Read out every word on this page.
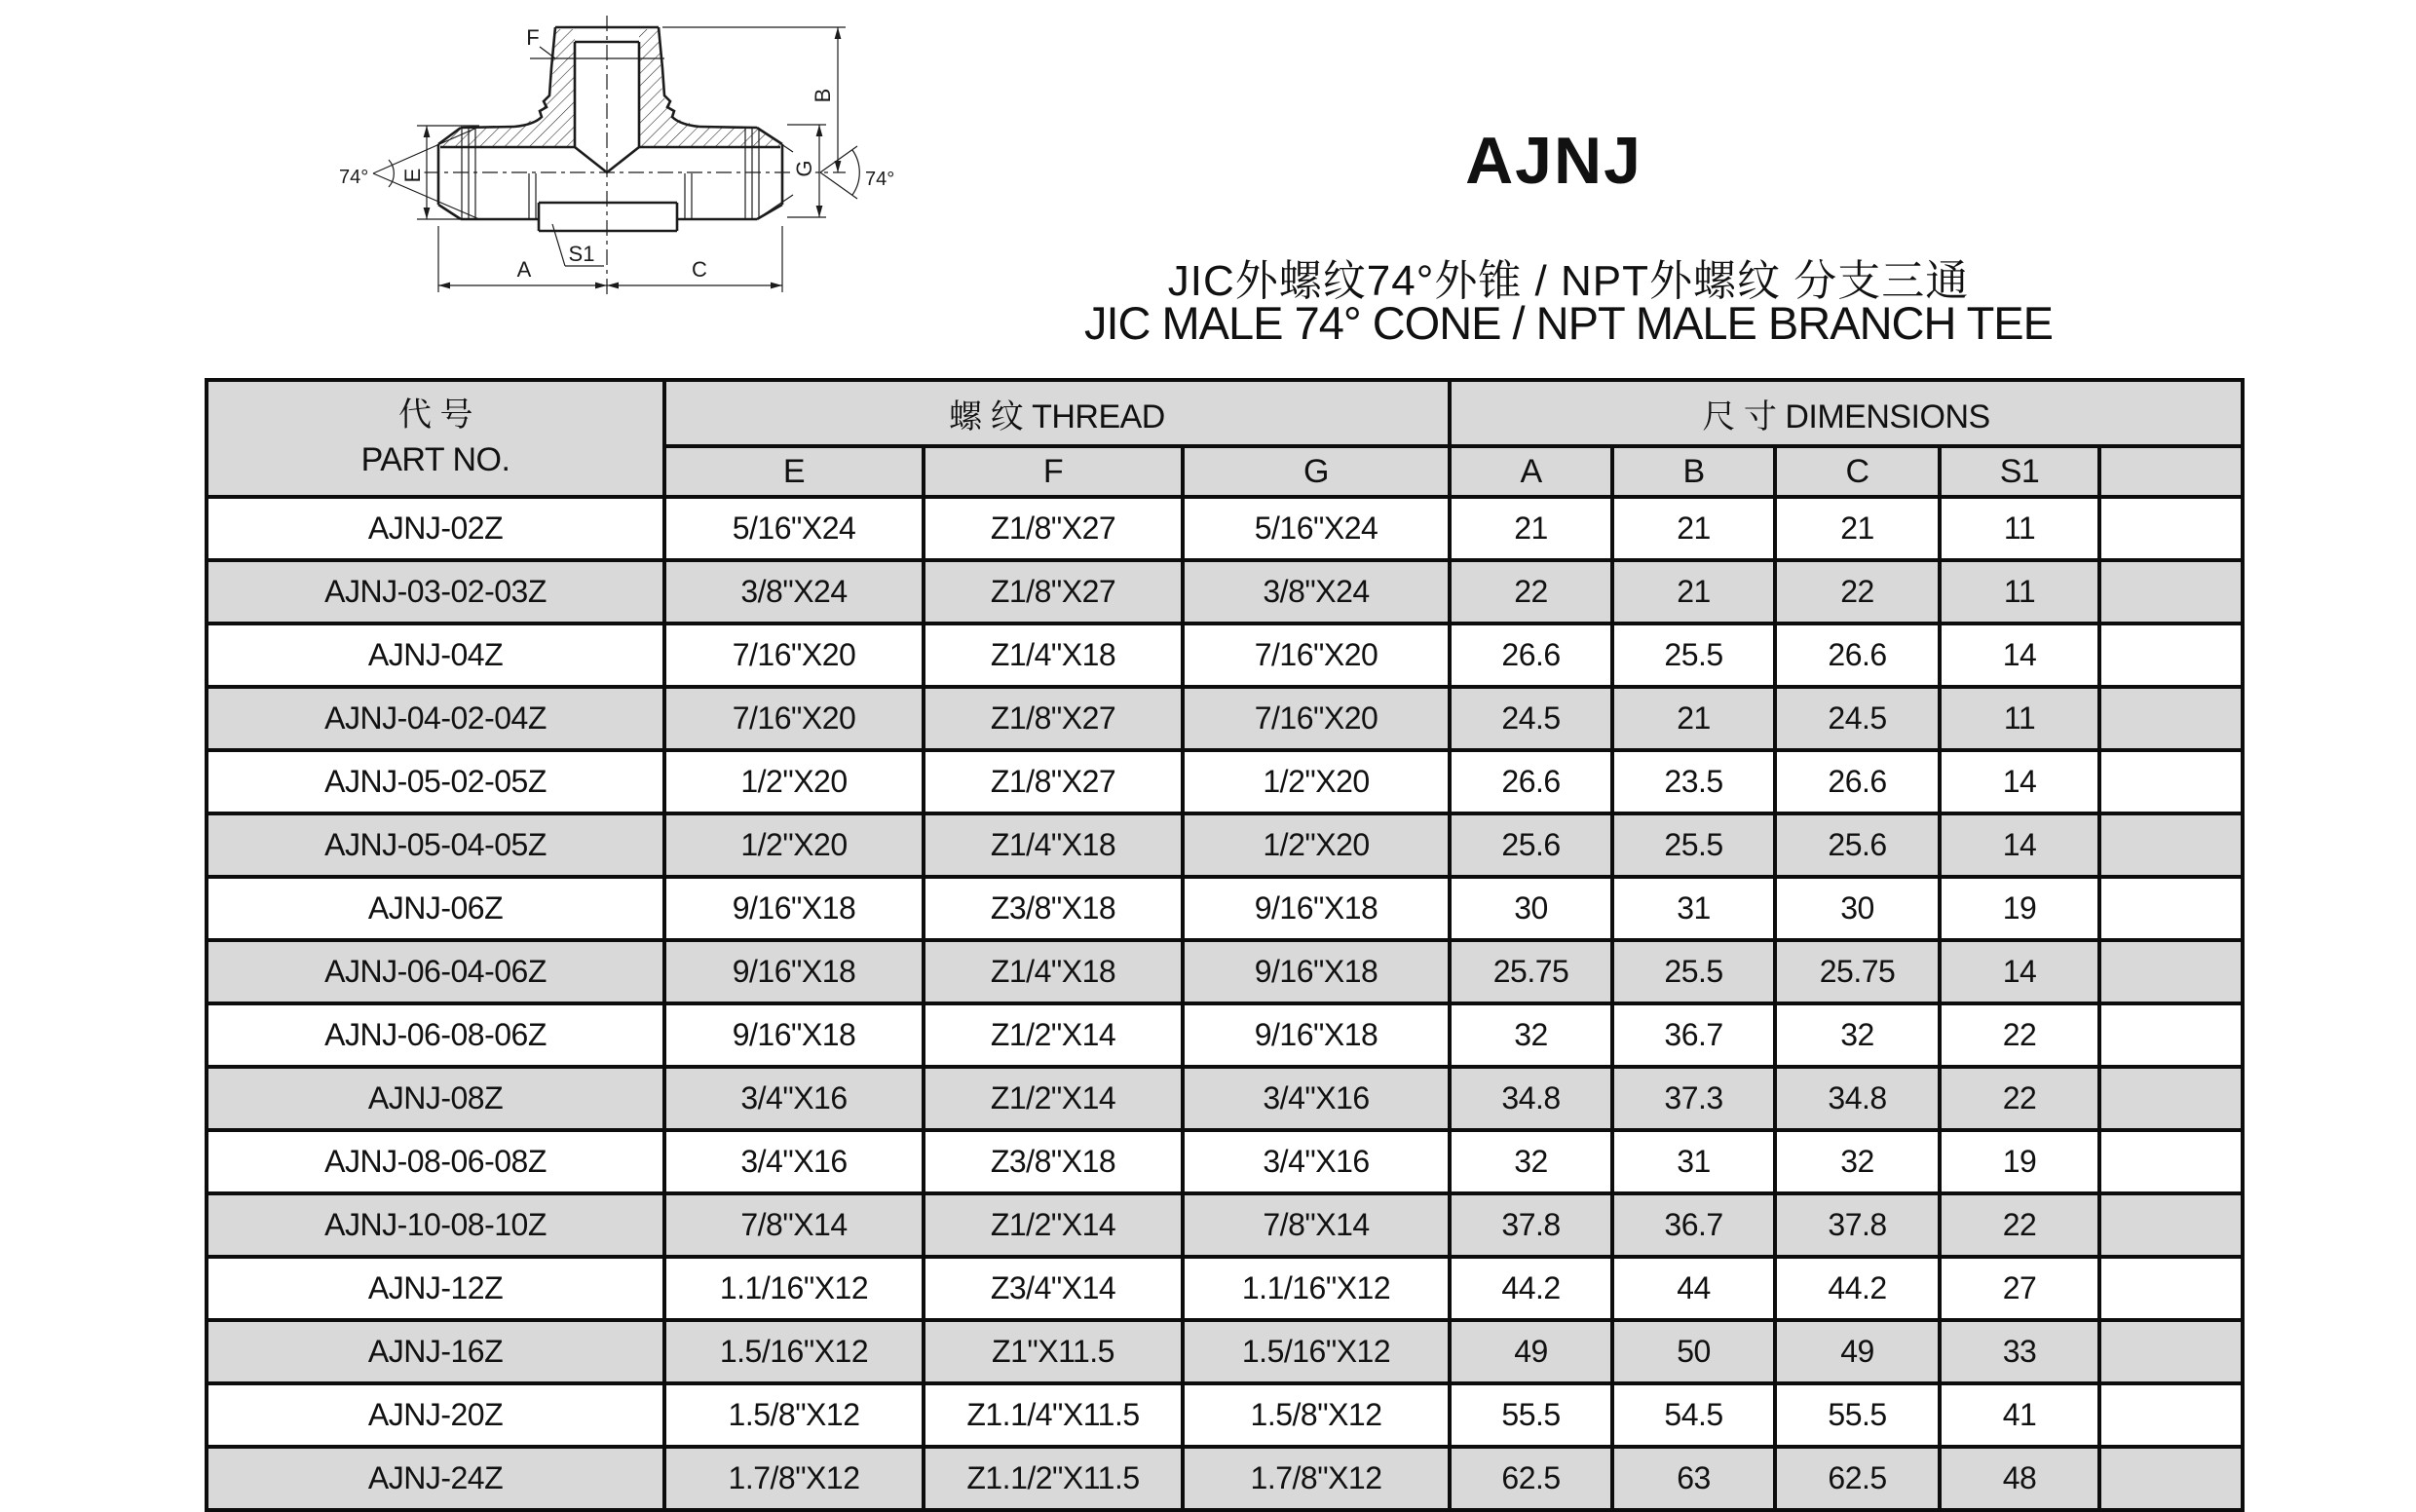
F
B
G
E
74°	74°
A	C
S1
AJNJ
JIC外螺纹74°外锥 / NPT外螺纹 分支三通
JIC MALE 74° CONE / NPT MALE BRANCH TEE
代 号
PART NO.	螺 纹 THREAD			尺 寸 DIMENSIONS				
	E	F	G	A	B	C	S1	
AJNJ-02Z	5/16"X24	Z1/8"X27	5/16"X24	21	21	21	11	
AJNJ-03-02-03Z	3/8"X24	Z1/8"X27	3/8"X24	22	21	22	11	
AJNJ-04Z	7/16"X20	Z1/4"X18	7/16"X20	26.6	25.5	26.6	14	
AJNJ-04-02-04Z	7/16"X20	Z1/8"X27	7/16"X20	24.5	21	24.5	11	
AJNJ-05-02-05Z	1/2"X20	Z1/8"X27	1/2"X20	26.6	23.5	26.6	14	
AJNJ-05-04-05Z	1/2"X20	Z1/4"X18	1/2"X20	25.6	25.5	25.6	14	
AJNJ-06Z	9/16"X18	Z3/8"X18	9/16"X18	30	31	30	19	
AJNJ-06-04-06Z	9/16"X18	Z1/4"X18	9/16"X18	25.75	25.5	25.75	14	
AJNJ-06-08-06Z	9/16"X18	Z1/2"X14	9/16"X18	32	36.7	32	22	
AJNJ-08Z	3/4"X16	Z1/2"X14	3/4"X16	34.8	37.3	34.8	22	
AJNJ-08-06-08Z	3/4"X16	Z3/8"X18	3/4"X16	32	31	32	19	
AJNJ-10-08-10Z	7/8"X14	Z1/2"X14	7/8"X14	37.8	36.7	37.8	22	
AJNJ-12Z	1.1/16"X12	Z3/4"X14	1.1/16"X12	44.2	44	44.2	27	
AJNJ-16Z	1.5/16"X12	Z1"X11.5	1.5/16"X12	49	50	49	33	
AJNJ-20Z	1.5/8"X12	Z1.1/4"X11.5	1.5/8"X12	55.5	54.5	55.5	41	
AJNJ-24Z	1.7/8"X12	Z1.1/2"X11.5	1.7/8"X12	62.5	63	62.5	48	
